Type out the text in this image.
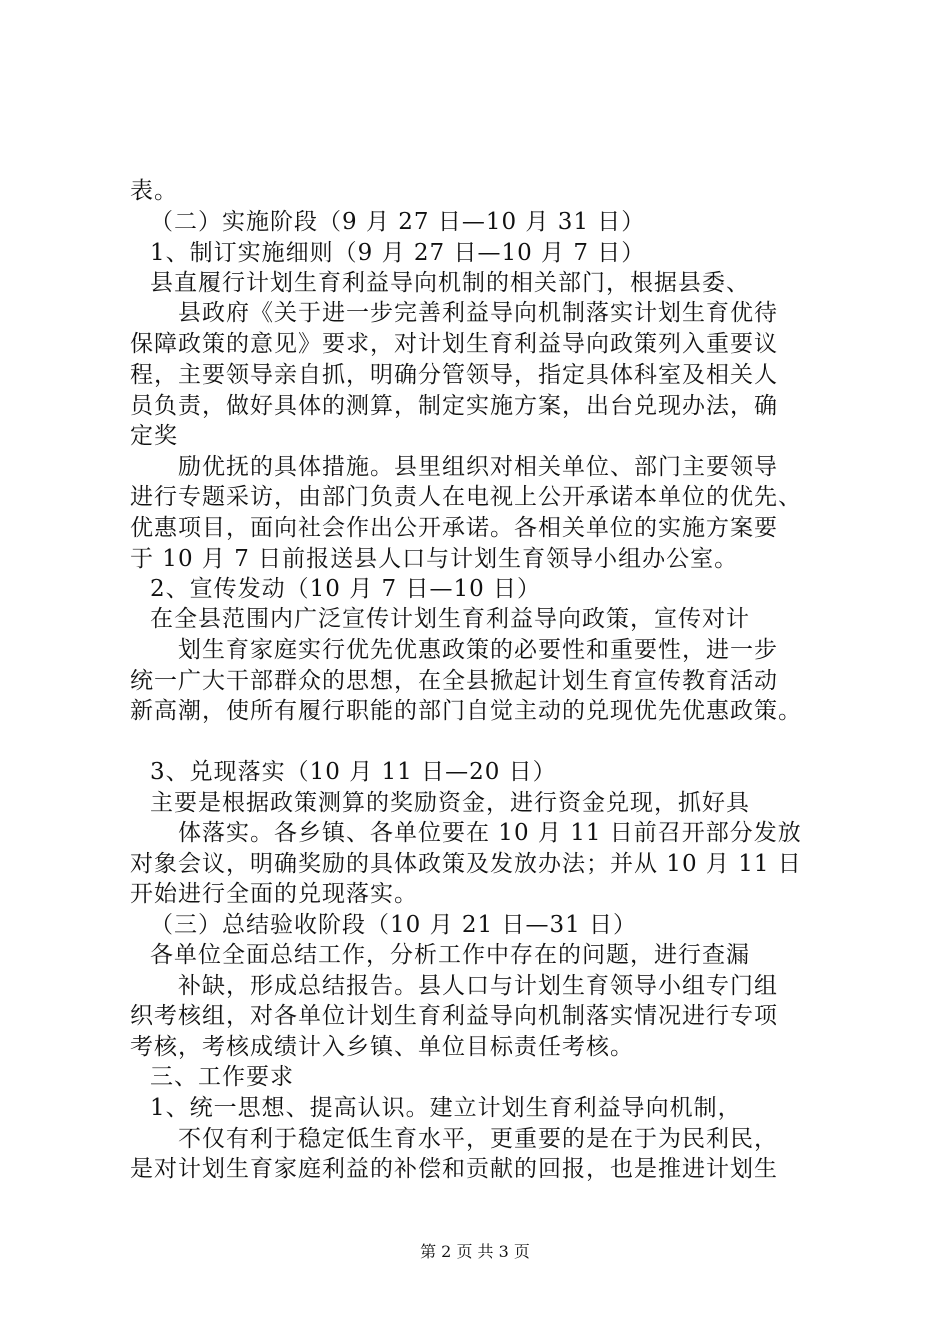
表。
（二）实施阶段（9 月 27 日—10 月 31 日）
1、制订实施细则（9 月 27 日—10 月 7 日）
县直履行计划生育利益导向机制的相关部门，根据县委、
县政府《关于进一步完善利益导向机制落实计划生育优待
保障政策的意见》要求，对计划生育利益导向政策列入重要议
程，主要领导亲自抓，明确分管领导，指定具体科室及相关人
员负责，做好具体的测算，制定实施方案，出台兑现办法，确
定奖
励优抚的具体措施。县里组织对相关单位、部门主要领导
进行专题采访，由部门负责人在电视上公开承诺本单位的优先、
优惠项目，面向社会作出公开承诺。各相关单位的实施方案要
于 10 月 7 日前报送县人口与计划生育领导小组办公室。
2、宣传发动（10 月 7 日—10 日）
在全县范围内广泛宣传计划生育利益导向政策，宣传对计
划生育家庭实行优先优惠政策的必要性和重要性，进一步
统一广大干部群众的思想，在全县掀起计划生育宣传教育活动
新高潮，使所有履行职能的部门自觉主动的兑现优先优惠政策。
3、兑现落实（10 月 11 日—20 日）
主要是根据政策测算的奖励资金，进行资金兑现，抓好具
体落实。各乡镇、各单位要在 10 月 11 日前召开部分发放
对象会议，明确奖励的具体政策及发放办法；并从 10 月 11 日
开始进行全面的兑现落实。
（三）总结验收阶段（10 月 21 日—31 日）
各单位全面总结工作，分析工作中存在的问题，进行查漏
补缺，形成总结报告。县人口与计划生育领导小组专门组
织考核组，对各单位计划生育利益导向机制落实情况进行专项
考核，考核成绩计入乡镇、单位目标责任考核。
三、工作要求
1、统一思想、提高认识。建立计划生育利益导向机制，
不仅有利于稳定低生育水平，更重要的是在于为民利民，
是对计划生育家庭利益的补偿和贡献的回报，也是推进计划生
第 2 页 共 3 页
